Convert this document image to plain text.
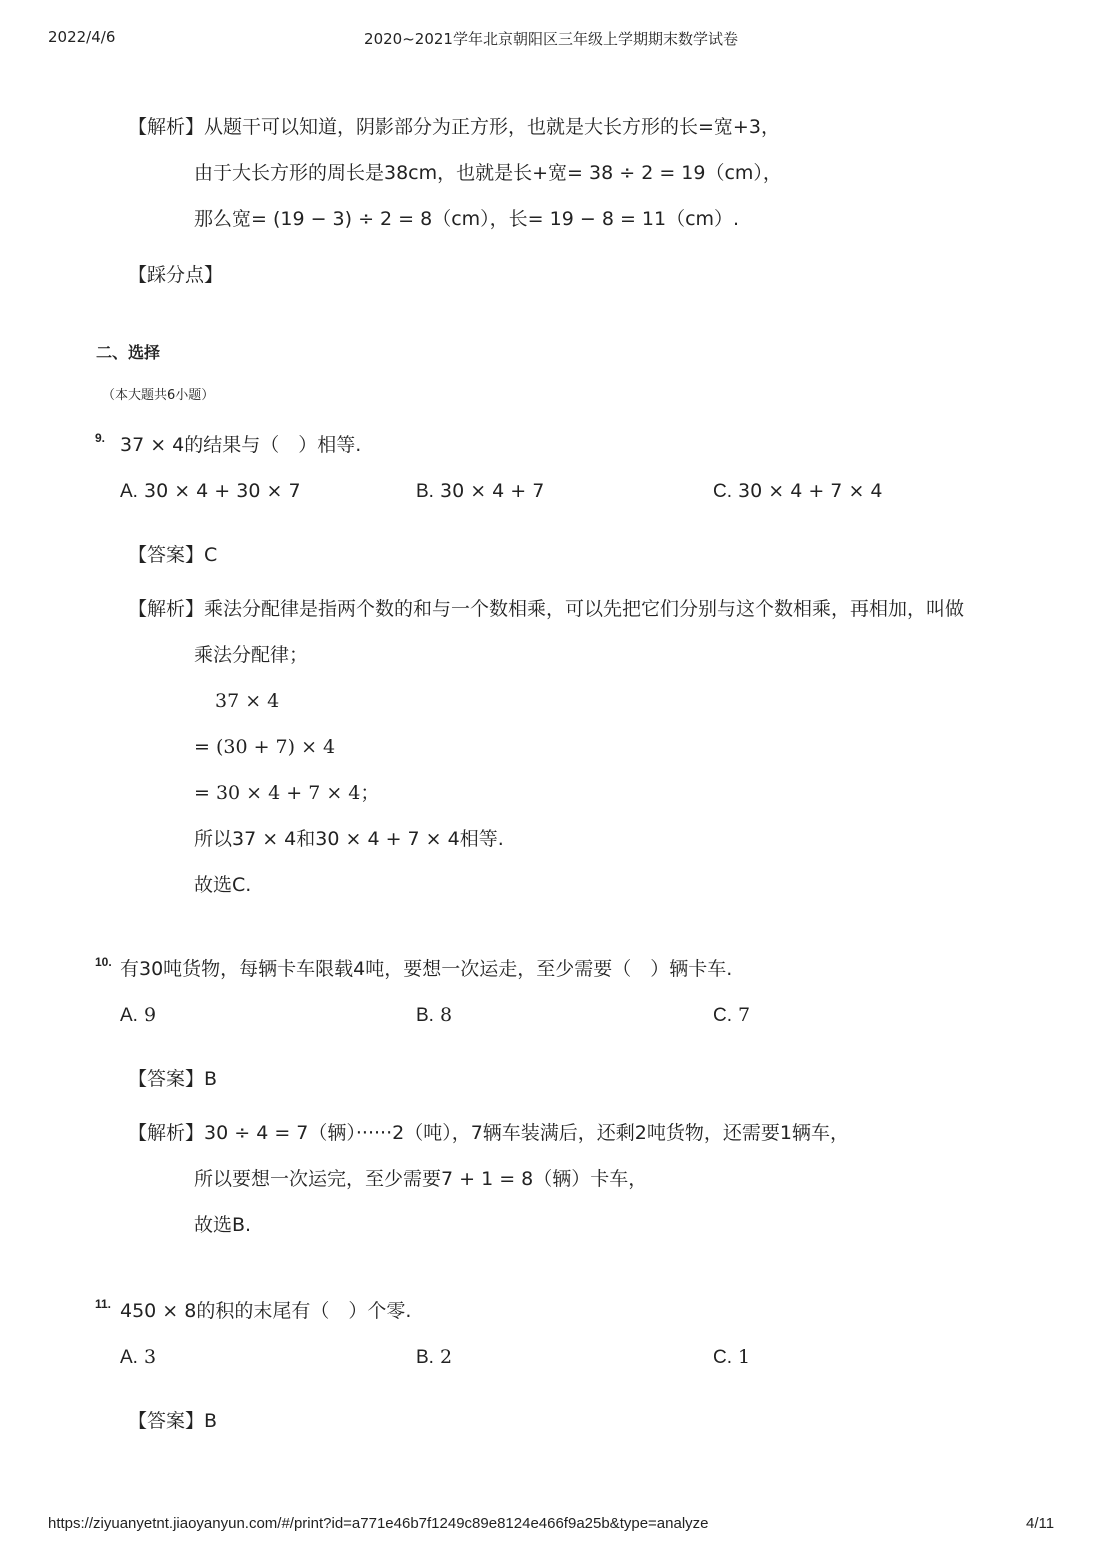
2022/4/6	2020~2021学年北京朝阳区三年级上学期期末数学试卷
【解析】从题干可以知道，阴影部分为正方形，也就是大长方形的长=宽+3，
由于大长方形的周长是38cm，也就是长+宽= 38 ÷ 2 = 19（cm），
那么宽= (19 − 3) ÷ 2 = 8（cm），长= 19 − 8 = 11（cm）.
【踩分点】
二、选择
（本大题共6小题）
9. 37 × 4的结果与（　）相等.
A. 30 × 4 + 30 × 7	B. 30 × 4 + 7	C. 30 × 4 + 7 × 4
【答案】C
【解析】乘法分配律是指两个数的和与一个数相乘，可以先把它们分别与这个数相乘，再相加，叫做
乘法分配律；
37 × 4
= (30 + 7) × 4
= 30 × 4 + 7 × 4；
所以37 × 4和30 × 4 + 7 × 4相等.
故选C.
10. 有30吨货物，每辆卡车限载4吨，要想一次运走，至少需要（　）辆卡车.
A. 9	B. 8	C. 7
【答案】B
【解析】30 ÷ 4 = 7（辆）······2（吨），7辆车装满后，还剩2吨货物，还需要1辆车，
所以要想一次运完，至少需要7 + 1 = 8（辆）卡车，
故选B.
11. 450 × 8的积的末尾有（　）个零.
A. 3	B. 2	C. 1
【答案】B
https://ziyuanyetnt.jiaoyanyun.com/#/print?id=a771e46b7f1249c89e8124e466f9a25b&type=analyze	4/11
